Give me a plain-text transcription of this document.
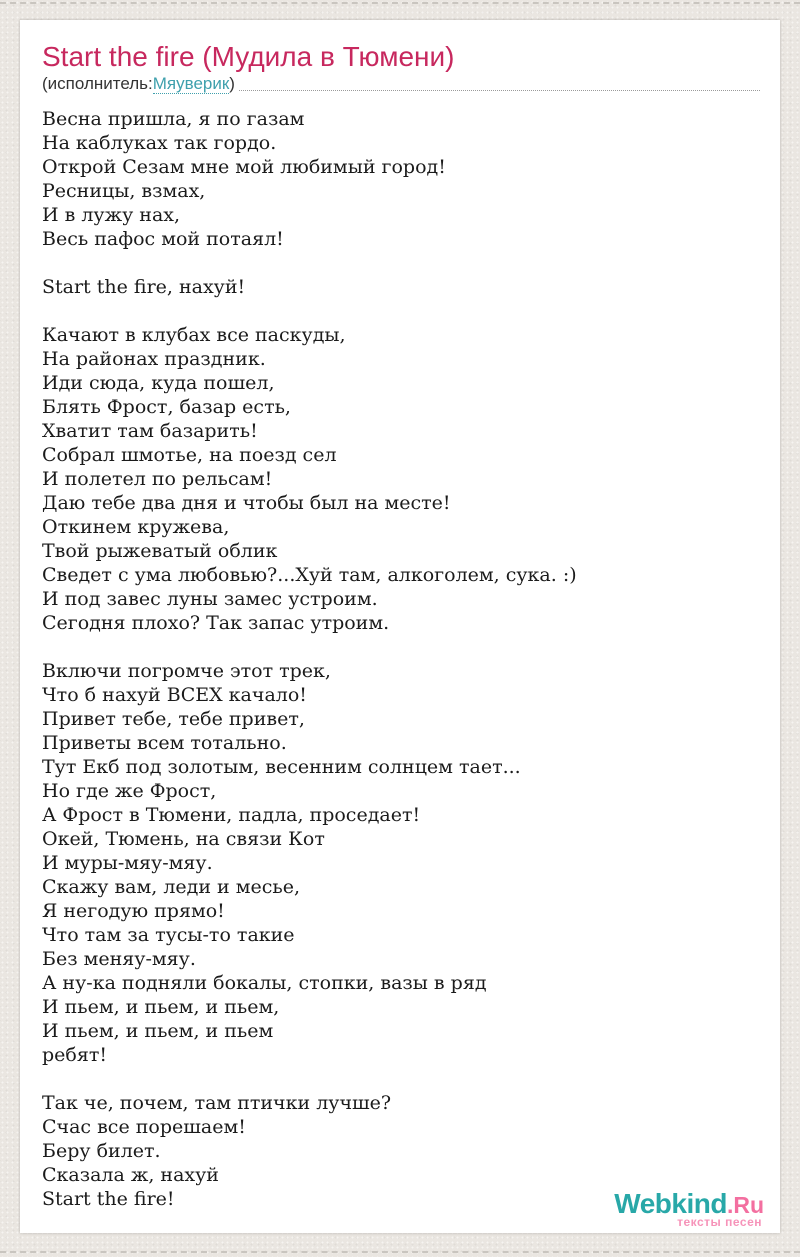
Start the fire (Мудила в Тюмени)
(исполнитель: Мяуверик )
Весна пришла, я по газам
На каблуках так гордо.
Открой Сезам мне мой любимый город!
Ресницы, взмах,
И в лужу нах,
Весь пафос мой потаял!
Start the fire, нахуй!
Качают в клубах все паскуды,
На районах праздник.
Иди сюда, куда пошел,
Блять Фрост, базар есть,
Хватит там базарить!
Собрал шмотье, на поезд сел
И полетел по рельсам!
Даю тебе два дня и чтобы был на месте!
Откинем кружева,
Твой рыжеватый облик
Сведет с ума любовью?...Хуй там, алкоголем, сука. :)
И под завес луны замес устроим.
Сегодня плохо? Так запас утроим.
Включи погромче этот трек,
Что б нахуй ВСЕХ качало!
Привет тебе, тебе привет,
Приветы всем тотально.
Тут Екб под золотым, весенним солнцем тает...
Но где же Фрост,
А Фрост в Тюмени, падла, проседает!
Окей, Тюмень, на связи Кот
И муры-мяу-мяу.
Скажу вам, леди и месье,
Я негодую прямо!
Что там за тусы-то такие
Без меняу-мяу.
А ну-ка подняли бокалы, стопки, вазы в ряд
И пьем, и пьем, и пьем,
И пьем, и пьем, и пьем
ребят!
Так че, почем, там птички лучше?
Счас все порешаем!
Беру билет.
Сказала ж, нахуй
Start the fire!	Webkind.Ru
тексты песен
